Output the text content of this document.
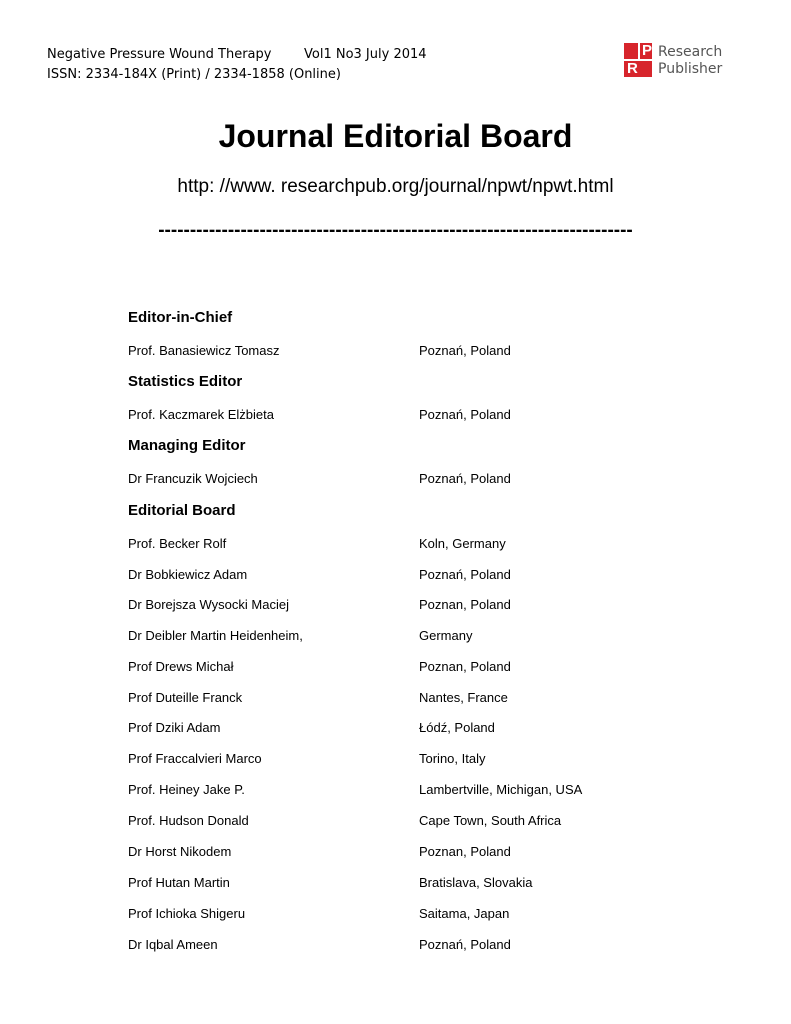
Negative Pressure Wound Therapy	Vol1 No3 July 2014
ISSN: 2334-184X (Print) / 2334-1858 (Online)
P
R
Research
Publisher
Journal Editorial Board
http: //www. researchpub.org/journal/npwt/npwt.html
---------------------------------------------------------------------------
Editor-in-Chief
Prof. Banasiewicz Tomasz	Poznań, Poland
Statistics Editor
Prof. Kaczmarek Elżbieta	Poznań, Poland
Managing Editor
Dr Francuzik Wojciech	Poznań, Poland
Editorial Board
Prof. Becker Rolf	Koln, Germany
Dr Bobkiewicz Adam	Poznań, Poland
Dr Borejsza Wysocki Maciej	Poznan, Poland
Dr Deibler Martin Heidenheim,	Germany
Prof Drews Michał	Poznan, Poland
Prof Duteille Franck	Nantes, France
Prof Dziki Adam	Łódź, Poland
Prof Fraccalvieri Marco	Torino, Italy
Prof. Heiney Jake P.	Lambertville, Michigan, USA
Prof. Hudson Donald	Cape Town, South Africa
Dr Horst Nikodem	Poznan, Poland
Prof Hutan Martin	Bratislava, Slovakia
Prof Ichioka Shigeru	Saitama, Japan
Dr Iqbal Ameen	Poznań, Poland
